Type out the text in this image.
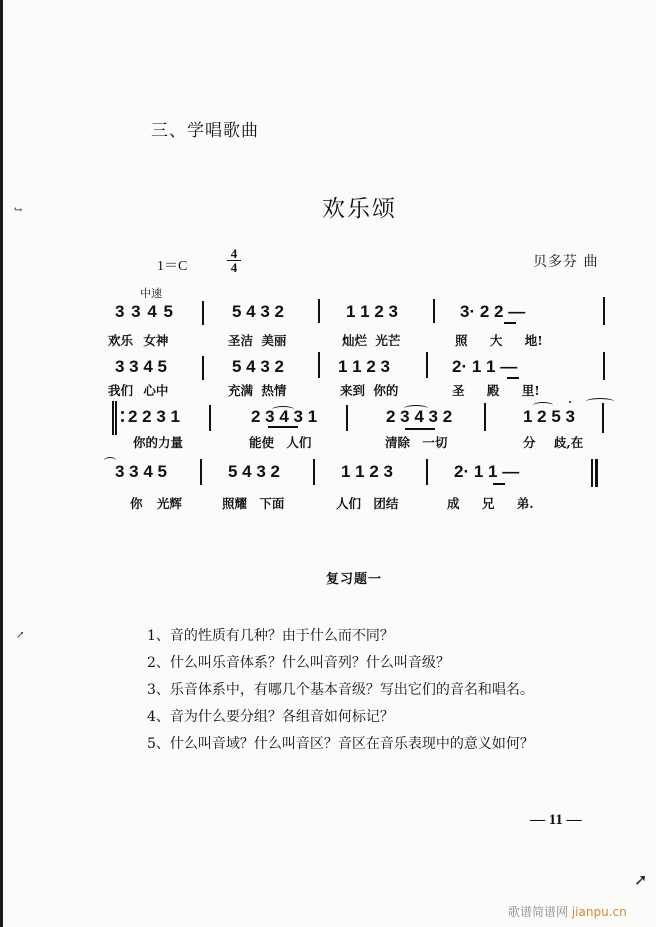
↪
↗
➚
三、学唱歌曲
欢乐颂
1＝C
4
4	贝多芬 曲
中速
3 3 4 5	5 4 3 2	1 1 2 3	3· 2 2 —
欢乐 女神	圣洁 美丽	灿烂 光芒	照 大 地!
3 3 4 5	5 4 3 2	1 1 2 3	2· 1 1 —
我们 心中	充满 热情	来到 你的	圣 殿 里!
2 2 3 1	2 3 4 3 1	2 3 4 3 2	1 2 5 3
你的力量	能使 人们	清除 一切	分 歧,在
3 3 4 5	5 4 3 2	1 1 2 3	2· 1 1 —
你 光辉	照耀 下面	人们 团结	成 兄 弟.
复习题一
1、音的性质有几种？由于什么而不同？
2、什么叫乐音体系？什么叫音列？什么叫音级？
3、乐音体系中，有哪几个基本音级？写出它们的音名和唱名。
4、音为什么要分组？各组音如何标记？
5、什么叫音域？什么叫音区？音区在音乐表现中的意义如何？
— 11 —
歌谱简谱网 jianpu.cn
